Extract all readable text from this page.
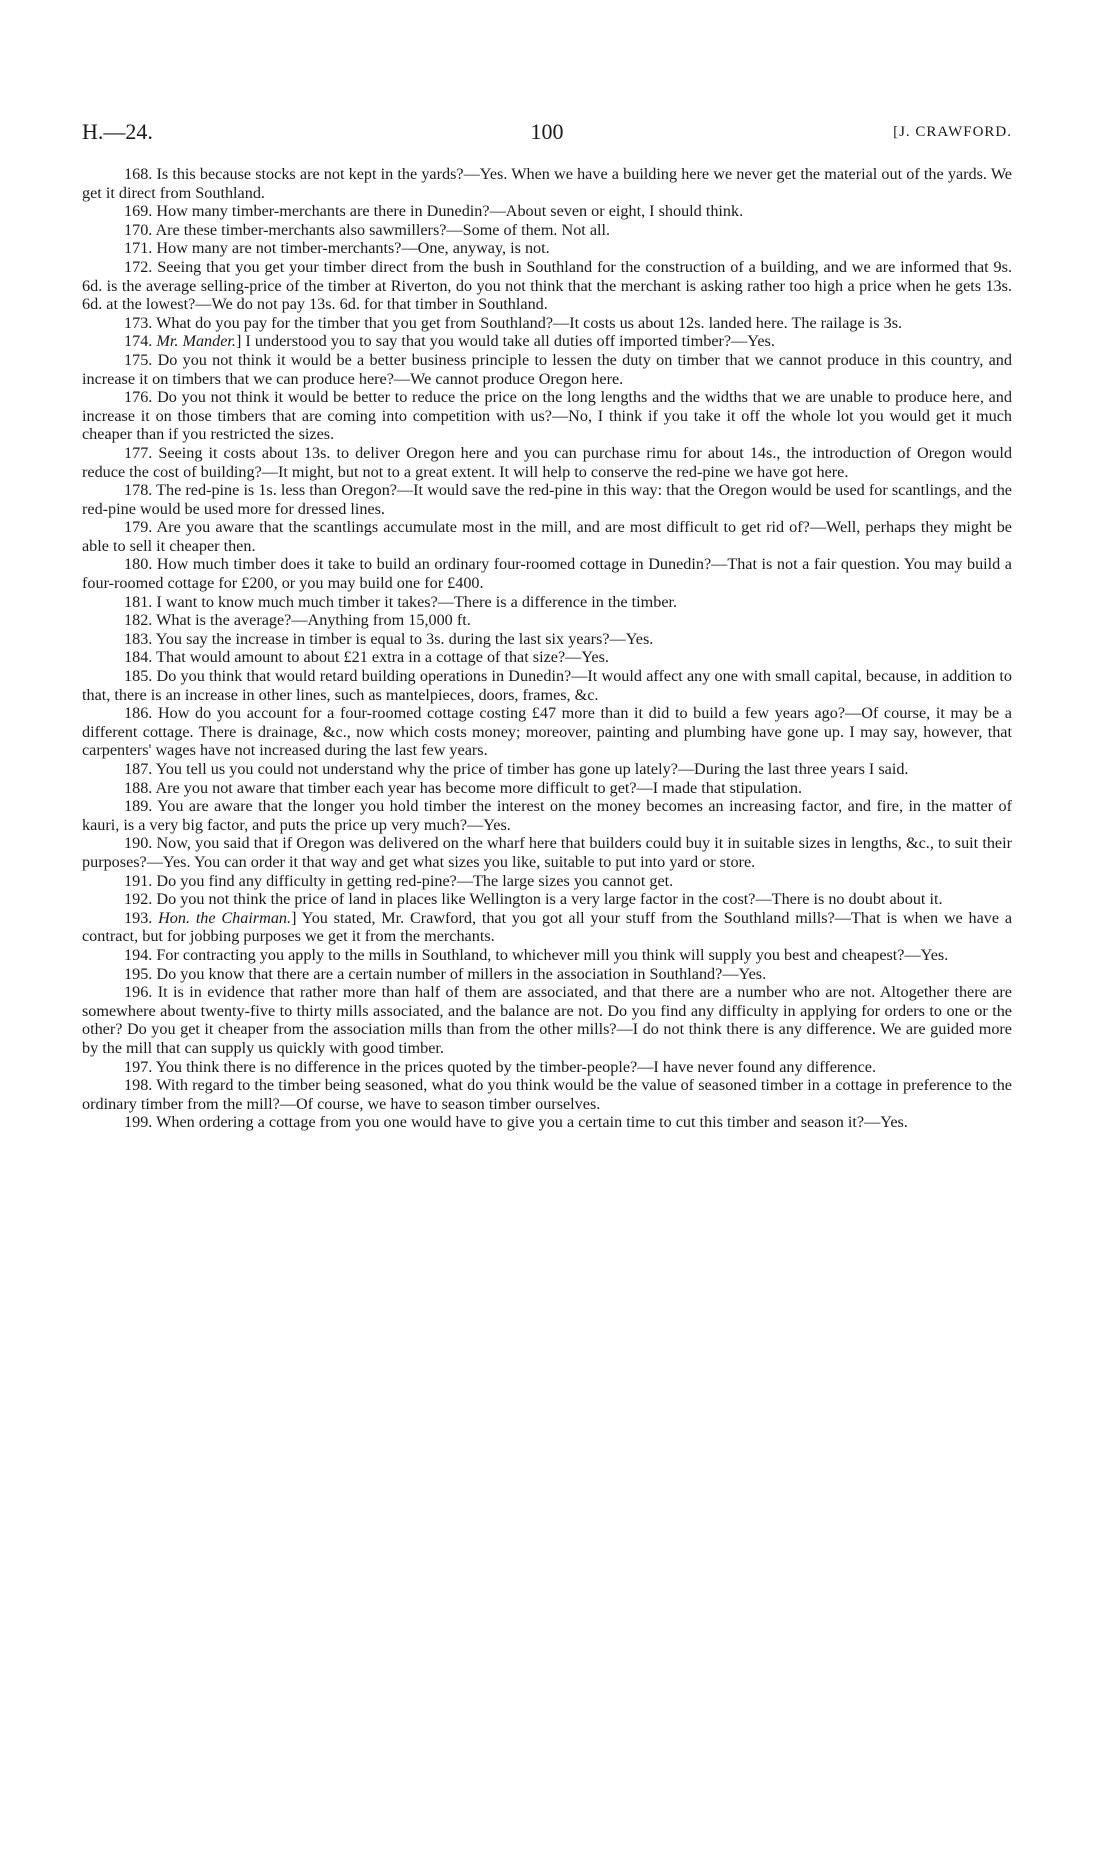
H.—24.	100	[J. CRAWFORD.

168. Is this because stocks are not kept in the yards?—Yes. When we have a building here we never get the material out of the yards. We get it direct from Southland.

169. How many timber-merchants are there in Dunedin?—About seven or eight, I should think.

170. Are these timber-merchants also sawmillers?—Some of them. Not all.

171. How many are not timber-merchants?—One, anyway, is not.

172. Seeing that you get your timber direct from the bush in Southland for the construction of a building, and we are informed that 9s. 6d. is the average selling-price of the timber at Riverton, do you not think that the merchant is asking rather too high a price when he gets 13s. 6d. at the lowest?—We do not pay 13s. 6d. for that timber in Southland.

173. What do you pay for the timber that you get from Southland?—It costs us about 12s. landed here. The railage is 3s.

174. Mr. Mander.] I understood you to say that you would take all duties off imported timber?—Yes.

175. Do you not think it would be a better business principle to lessen the duty on timber that we cannot produce in this country, and increase it on timbers that we can produce here?—We cannot produce Oregon here.

176. Do you not think it would be better to reduce the price on the long lengths and the widths that we are unable to produce here, and increase it on those timbers that are coming into competition with us?—No, I think if you take it off the whole lot you would get it much cheaper than if you restricted the sizes.

177. Seeing it costs about 13s. to deliver Oregon here and you can purchase rimu for about 14s., the introduction of Oregon would reduce the cost of building?—It might, but not to a great extent. It will help to conserve the red-pine we have got here.

178. The red-pine is 1s. less than Oregon?—It would save the red-pine in this way: that the Oregon would be used for scantlings, and the red-pine would be used more for dressed lines.

179. Are you aware that the scantlings accumulate most in the mill, and are most difficult to get rid of?—Well, perhaps they might be able to sell it cheaper then.

180. How much timber does it take to build an ordinary four-roomed cottage in Dunedin?—That is not a fair question. You may build a four-roomed cottage for £200, or you may build one for £400.

181. I want to know much much timber it takes?—There is a difference in the timber.

182. What is the average?—Anything from 15,000 ft.

183. You say the increase in timber is equal to 3s. during the last six years?—Yes.

184. That would amount to about £21 extra in a cottage of that size?—Yes.

185. Do you think that would retard building operations in Dunedin?—It would affect any one with small capital, because, in addition to that, there is an increase in other lines, such as mantelpieces, doors, frames, &c.

186. How do you account for a four-roomed cottage costing £47 more than it did to build a few years ago?—Of course, it may be a different cottage. There is drainage, &c., now which costs money; moreover, painting and plumbing have gone up. I may say, however, that carpenters' wages have not increased during the last few years.

187. You tell us you could not understand why the price of timber has gone up lately?—During the last three years I said.

188. Are you not aware that timber each year has become more difficult to get?—I made that stipulation.

189. You are aware that the longer you hold timber the interest on the money becomes an increasing factor, and fire, in the matter of kauri, is a very big factor, and puts the price up very much?—Yes.

190. Now, you said that if Oregon was delivered on the wharf here that builders could buy it in suitable sizes in lengths, &c., to suit their purposes?—Yes. You can order it that way and get what sizes you like, suitable to put into yard or store.

191. Do you find any difficulty in getting red-pine?—The large sizes you cannot get.

192. Do you not think the price of land in places like Wellington is a very large factor in the cost?—There is no doubt about it.

193. Hon. the Chairman.] You stated, Mr. Crawford, that you got all your stuff from the Southland mills?—That is when we have a contract, but for jobbing purposes we get it from the merchants.

194. For contracting you apply to the mills in Southland, to whichever mill you think will supply you best and cheapest?—Yes.

195. Do you know that there are a certain number of millers in the association in Southland?—Yes.

196. It is in evidence that rather more than half of them are associated, and that there are a number who are not. Altogether there are somewhere about twenty-five to thirty mills associated, and the balance are not. Do you find any difficulty in applying for orders to one or the other? Do you get it cheaper from the association mills than from the other mills?—I do not think there is any difference. We are guided more by the mill that can supply us quickly with good timber.

197. You think there is no difference in the prices quoted by the timber-people?—I have never found any difference.

198. With regard to the timber being seasoned, what do you think would be the value of seasoned timber in a cottage in preference to the ordinary timber from the mill?—Of course, we have to season timber ourselves.

199. When ordering a cottage from you one would have to give you a certain time to cut this timber and season it?—Yes.
